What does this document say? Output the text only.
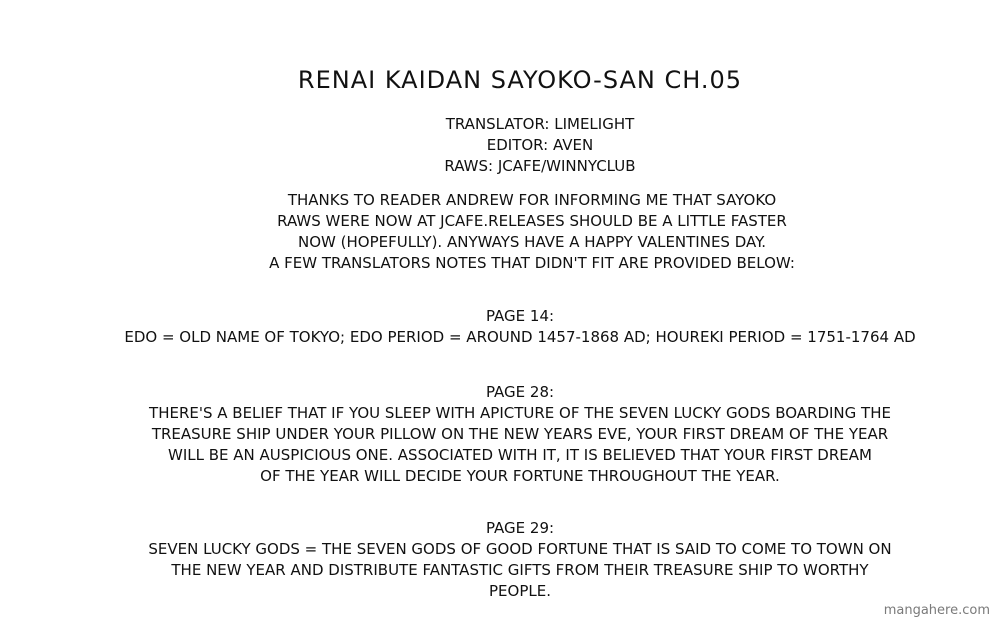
RENAI KAIDAN SAYOKO-SAN CH.05
TRANSLATOR: LIMELIGHT
EDITOR: AVEN
RAWS: JCAFE/WINNYCLUB
THANKS TO READER ANDREW FOR INFORMING ME THAT SAYOKO
RAWS WERE NOW AT JCAFE.RELEASES SHOULD BE A LITTLE FASTER
NOW (HOPEFULLY). ANYWAYS HAVE A HAPPY VALENTINES DAY.
A FEW TRANSLATORS NOTES THAT DIDN'T FIT ARE PROVIDED BELOW:
PAGE 14:
EDO = OLD NAME OF TOKYO; EDO PERIOD = AROUND 1457-1868 AD; HOUREKI PERIOD = 1751-1764 AD
PAGE 28:
THERE'S A BELIEF THAT IF YOU SLEEP WITH APICTURE OF THE SEVEN LUCKY GODS BOARDING THE
TREASURE SHIP UNDER YOUR PILLOW ON THE NEW YEARS EVE, YOUR FIRST DREAM OF THE YEAR
WILL BE AN AUSPICIOUS ONE. ASSOCIATED WITH IT, IT IS BELIEVED THAT YOUR FIRST DREAM
OF THE YEAR WILL DECIDE YOUR FORTUNE THROUGHOUT THE YEAR.
PAGE 29:
SEVEN LUCKY GODS = THE SEVEN GODS OF GOOD FORTUNE THAT IS SAID TO COME TO TOWN ON
THE NEW YEAR AND DISTRIBUTE FANTASTIC GIFTS FROM THEIR TREASURE SHIP TO WORTHY
PEOPLE.
mangahere.com
